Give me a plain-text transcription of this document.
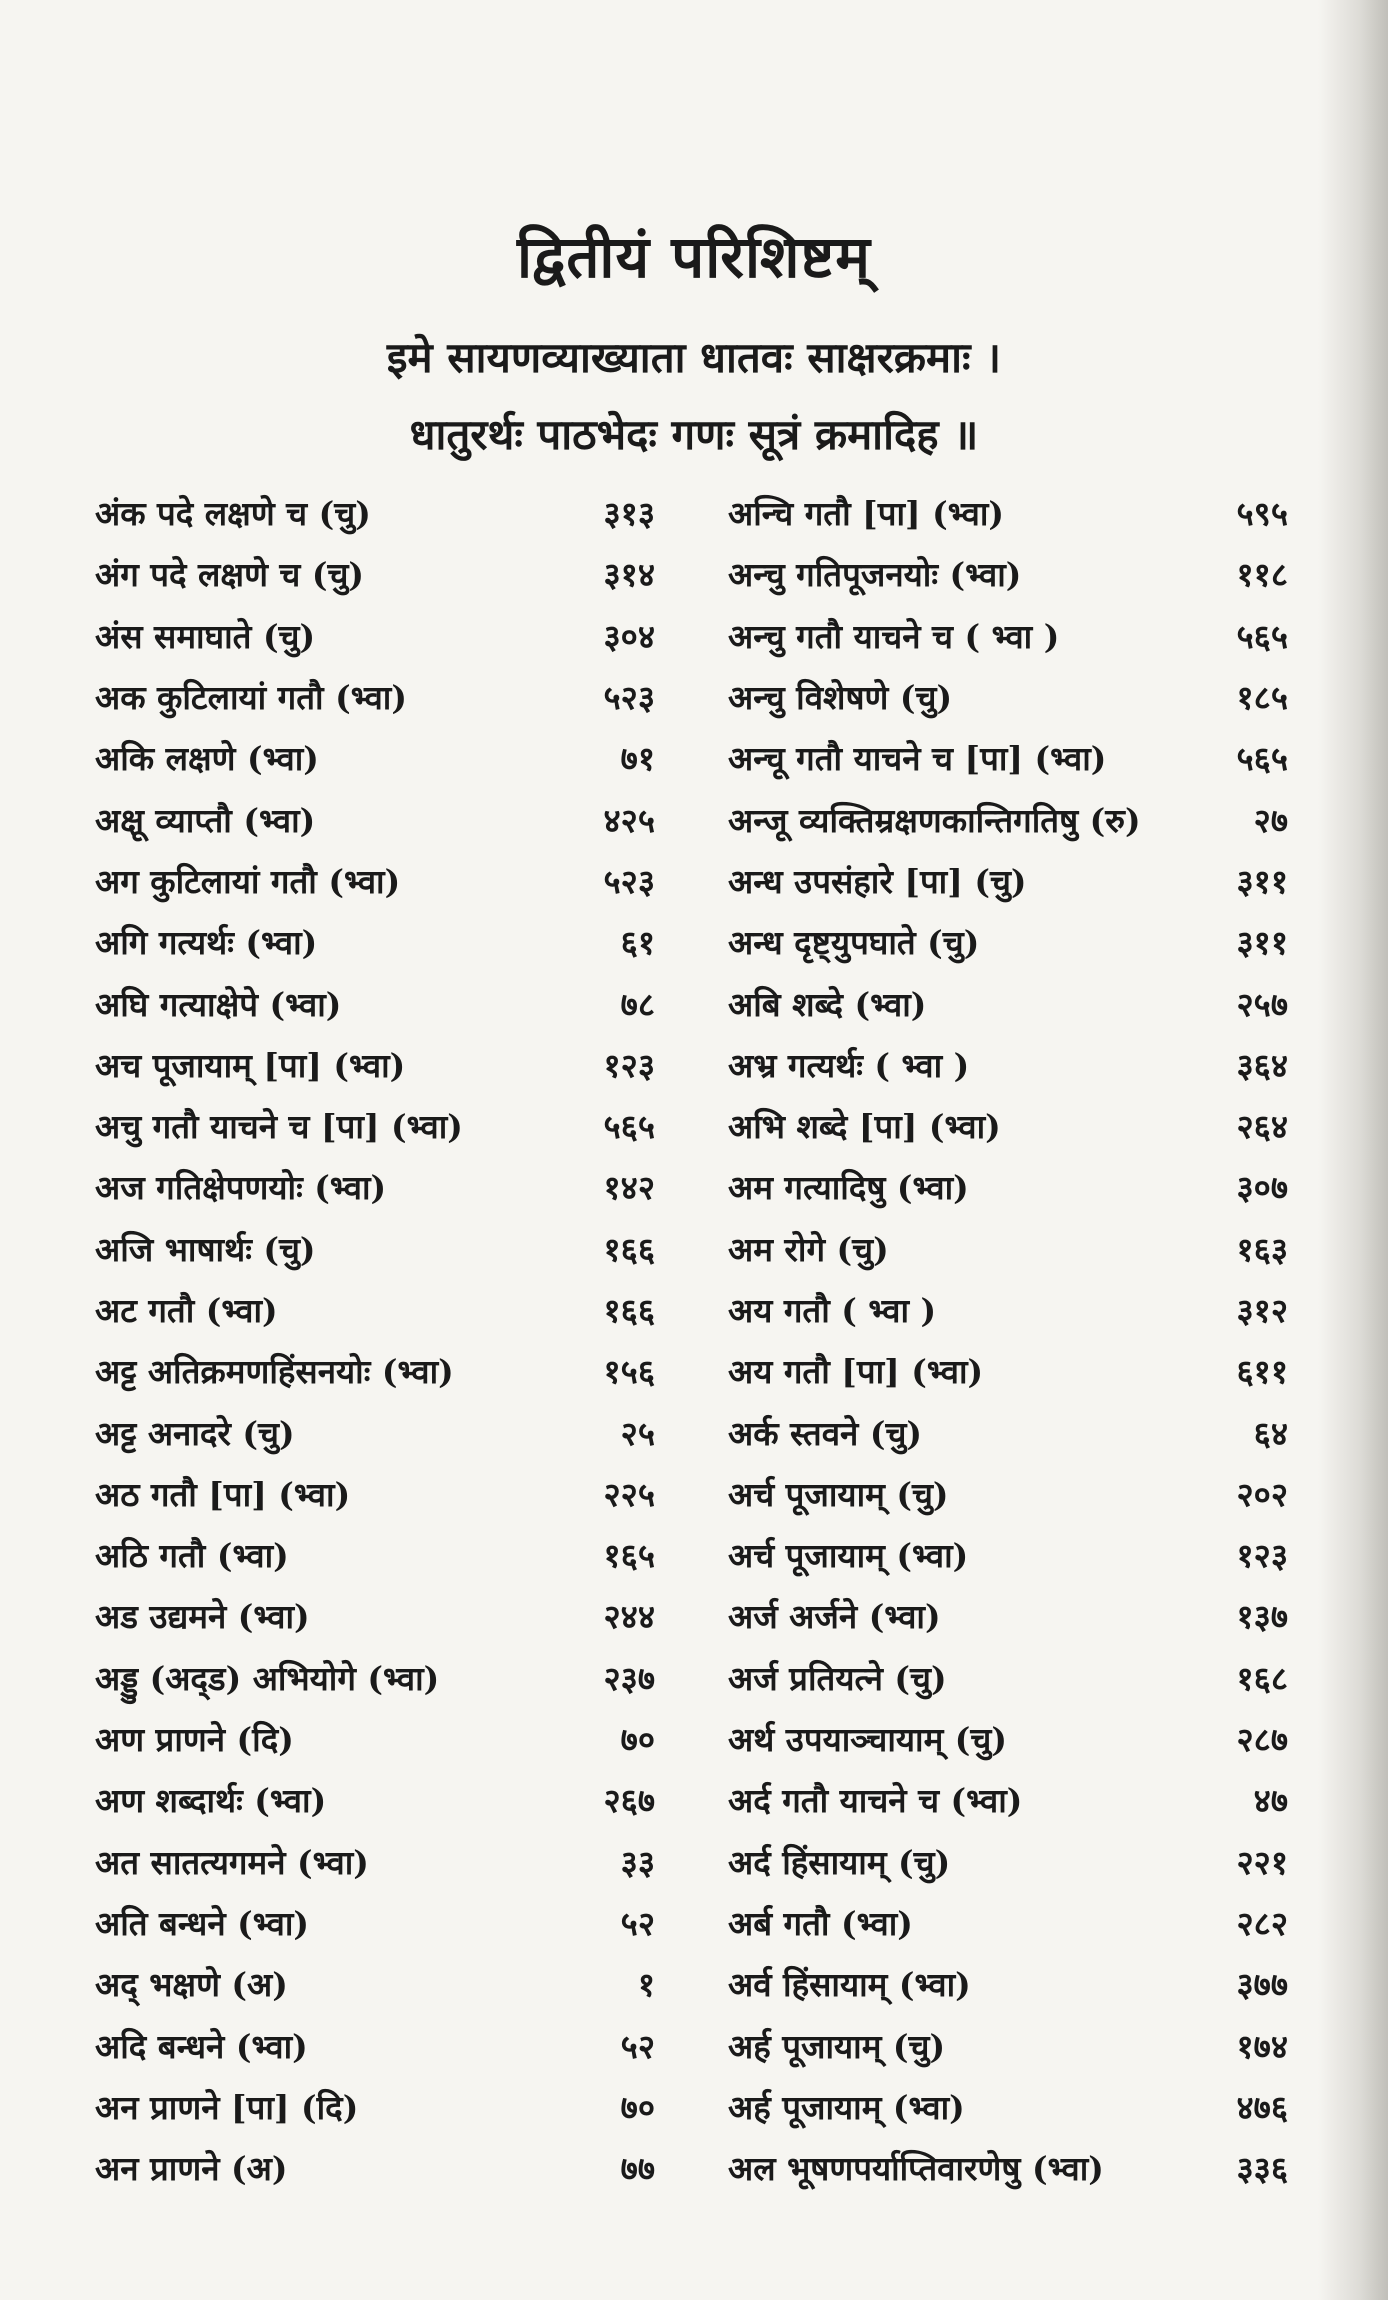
द्वितीयं परिशिष्टम्
इमे सायणव्याख्याता धातवः साक्षरक्रमाः ।
धातुरर्थः पाठभेदः गणः सूत्रं क्रमादिह ॥
अंक पदे लक्षणे च (चु)	३१३
अंग पदे लक्षणे च (चु)	३१४
अंस समाघाते (चु)	३०४
अक कुटिलायां गतौ (भ्वा)	५२३
अकि लक्षणे (भ्वा)	७१
अक्षू व्याप्तौ (भ्वा)	४२५
अग कुटिलायां गतौ (भ्वा)	५२३
अगि गत्यर्थः (भ्वा)	६१
अघि गत्याक्षेपे (भ्वा)	७८
अच पूजायाम् [पा] (भ्वा)	१२३
अचु गतौ याचने च [पा] (भ्वा)	५६५
अज गतिक्षेपणयोः (भ्वा)	१४२
अजि भाषार्थः (चु)	१६६
अट गतौ (भ्वा)	१६६
अट्ट अतिक्रमणहिंसनयोः (भ्वा)	१५६
अट्ट अनादरे (चु)	२५
अठ गतौ [पा] (भ्वा)	२२५
अठि गतौ (भ्वा)	१६५
अड उद्यमने (भ्वा)	२४४
अड्डु (अद्ड) अभियोगे (भ्वा)	२३७
अण प्राणने (दि)	७०
अण शब्दार्थः (भ्वा)	२६७
अत सातत्यगमने (भ्वा)	३३
अति बन्धने (भ्वा)	५२
अद् भक्षणे (अ)	१
अदि बन्धने (भ्वा)	५२
अन प्राणने [पा] (दि)	७०
अन प्राणने (अ)	७७
अन्चि गतौ [पा] (भ्वा)	५९५
अन्चु गतिपूजनयोः (भ्वा)	११८
अन्चु गतौ याचने च ( भ्वा )	५६५
अन्चु विशेषणे (चु)	१८५
अन्चू गतौ याचने च [पा] (भ्वा)	५६५
अन्जू व्यक्तिम्रक्षणकान्तिगतिषु (रु)	२७
अन्ध उपसंहारे [पा] (चु)	३११
अन्ध दृष्ट्युपघाते (चु)	३११
अबि शब्दे (भ्वा)	२५७
अभ्र गत्यर्थः ( भ्वा )	३६४
अभि शब्दे [पा] (भ्वा)	२६४
अम गत्यादिषु (भ्वा)	३०७
अम रोगे (चु)	१६३
अय गतौ ( भ्वा )	३१२
अय गतौ [पा] (भ्वा)	६११
अर्क स्तवने (चु)	६४
अर्च पूजायाम् (चु)	२०२
अर्च पूजायाम् (भ्वा)	१२३
अर्ज अर्जने (भ्वा)	१३७
अर्ज प्रतियत्ने (चु)	१६८
अर्थ उपयाञ्चायाम् (चु)	२८७
अर्द गतौ याचने च (भ्वा)	४७
अर्द हिंसायाम् (चु)	२२१
अर्ब गतौ (भ्वा)	२८२
अर्व हिंसायाम् (भ्वा)	३७७
अर्ह पूजायाम् (चु)	१७४
अर्ह पूजायाम् (भ्वा)	४७६
अल भूषणपर्याप्तिवारणेषु (भ्वा)	३३६
